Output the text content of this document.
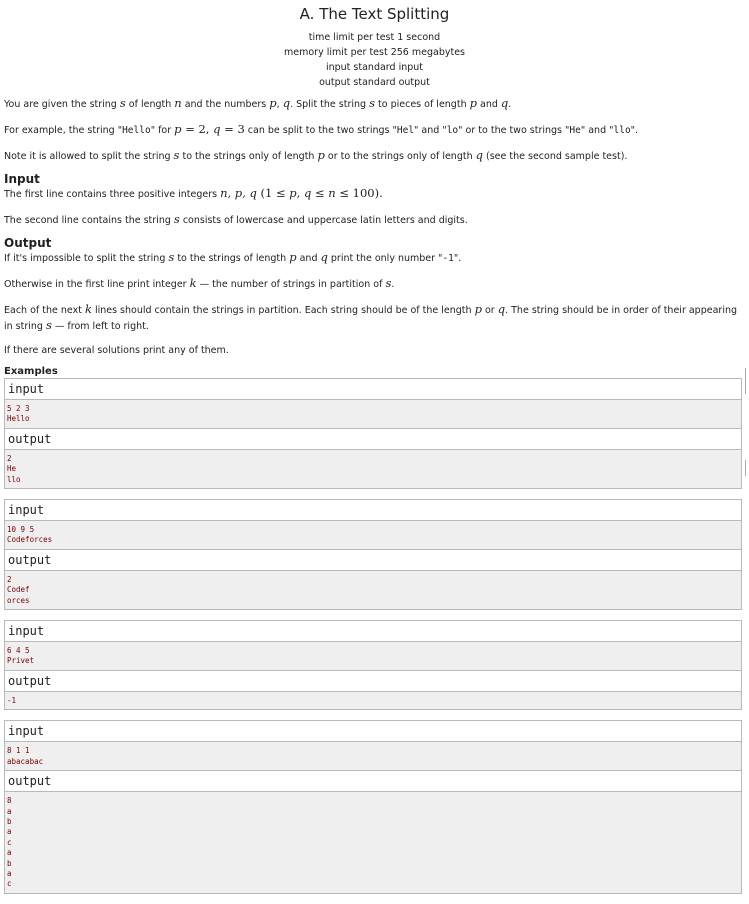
A. The Text Splitting
time limit per test 1 second
memory limit per test 256 megabytes
input standard input
output standard output

You are given the string s of length n and the numbers p, q. Split the string s to pieces of length p and q.

For example, the string "Hello" for p = 2, q = 3 can be split to the two strings "Hel" and "lo" or to the two strings "He" and "llo".

Note it is allowed to split the string s to the strings only of length p or to the strings only of length q (see the second sample test).

Input

The first line contains three positive integers n, p, q (1 ≤ p, q ≤ n ≤ 100).

The second line contains the string s consists of lowercase and uppercase latin letters and digits.

Output

If it's impossible to split the string s to the strings of length p and q print the only number "-1".

Otherwise in the first line print integer k — the number of strings in partition of s.

Each of the next k lines should contain the strings in partition. Each string should be of the length p or q. The string should be in order of their appearing in string s — from left to right.

If there are several solutions print any of them.

Examples
input
5 2 3
Hello
output
2
He
llo
input
10 9 5
Codeforces
output
2
Codef
orces
input
6 4 5
Privet
output
-1
input
8 1 1
abacabac
output
8
a
b
a
c
a
b
a
c
